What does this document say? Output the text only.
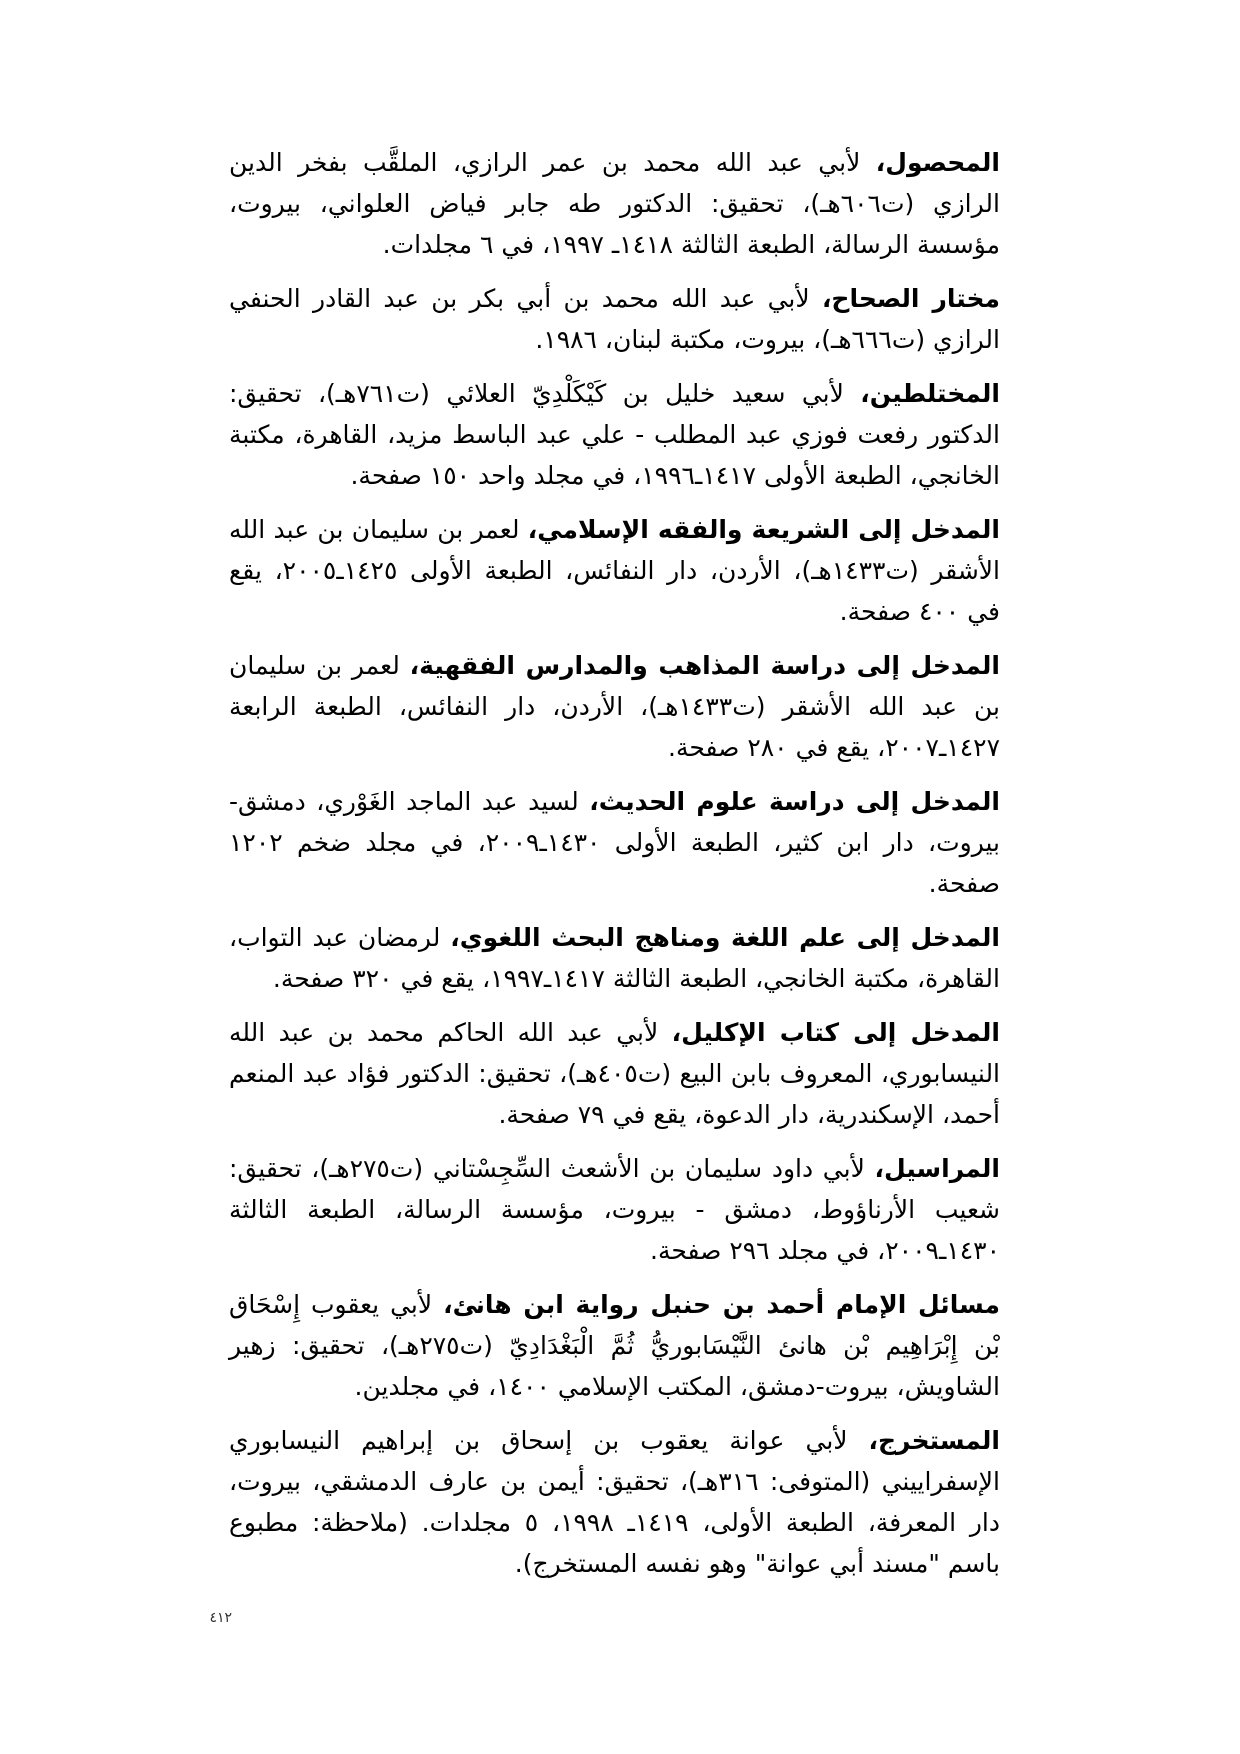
المحصول، لأبي عبد الله محمد بن عمر الرازي، الملقَّب بفخر الدين الرازي (ت٦٠٦هـ)، تحقيق: الدكتور طه جابر فياض العلواني، بيروت، مؤسسة الرسالة، الطبعة الثالثة ١٤١٨ـ ١٩٩٧، في ٦ مجلدات.

مختار الصحاح، لأبي عبد الله محمد بن أبي بكر بن عبد القادر الحنفي الرازي (ت٦٦٦هـ)، بيروت، مكتبة لبنان، ١٩٨٦.

المختلطين، لأبي سعيد خليل بن كَيْكَلْدِيّ العلائي (ت٧٦١هـ)، تحقيق: الدكتور رفعت فوزي عبد المطلب - علي عبد الباسط مزيد، القاهرة، مكتبة الخانجي، الطبعة الأولى ١٤١٧ـ١٩٩٦، في مجلد واحد ١٥٠ صفحة.

المدخل إلى الشريعة والفقه الإسلامي، لعمر بن سليمان بن عبد الله الأشقر (ت١٤٣٣هـ)، الأردن، دار النفائس، الطبعة الأولى ١٤٢٥ـ٢٠٠٥، يقع في ٤٠٠ صفحة.

المدخل إلى دراسة المذاهب والمدارس الفقهية، لعمر بن سليمان بن عبد الله الأشقر (ت١٤٣٣هـ)، الأردن، دار النفائس، الطبعة الرابعة ١٤٢٧ـ٢٠٠٧، يقع في ٢٨٠ صفحة.

المدخل إلى دراسة علوم الحديث، لسيد عبد الماجد الغَوْري، دمشق-بيروت، دار ابن كثير، الطبعة الأولى ١٤٣٠ـ٢٠٠٩، في مجلد ضخم ١٢٠٢ صفحة.

المدخل إلى علم اللغة ومناهج البحث اللغوي، لرمضان عبد التواب، القاهرة، مكتبة الخانجي، الطبعة الثالثة ١٤١٧ـ١٩٩٧، يقع في ٣٢٠ صفحة.

المدخل إلى كتاب الإكليل، لأبي عبد الله الحاكم محمد بن عبد الله النيسابوري، المعروف بابن البيع (ت٤٠٥هـ)، تحقيق: الدكتور فؤاد عبد المنعم أحمد، الإسكندرية، دار الدعوة، يقع في ٧٩ صفحة.

المراسيل، لأبي داود سليمان بن الأشعث السِّجِسْتاني (ت٢٧٥هـ)، تحقيق: شعيب الأرناؤوط، دمشق - بيروت، مؤسسة الرسالة، الطبعة الثالثة ١٤٣٠ـ٢٠٠٩، في مجلد ٢٩٦ صفحة.

مسائل الإمام أحمد بن حنبل رواية ابن هانئ، لأبي يعقوب إِسْحَاق بْن إِبْرَاهِيم بْن هانئ النَّيْسَابوريُّ ثُمَّ الْبَغْدَادِيّ (ت٢٧٥هـ)، تحقيق: زهير الشاويش، بيروت-دمشق، المكتب الإسلامي ١٤٠٠، في مجلدين.

المستخرج، لأبي عوانة يعقوب بن إسحاق بن إبراهيم النيسابوري الإسفراييني (المتوفى: ٣١٦هـ)، تحقيق: أيمن بن عارف الدمشقي، بيروت، دار المعرفة، الطبعة الأولى، ١٤١٩ـ ١٩٩٨، ٥ مجلدات. (ملاحظة: مطبوع باسم "مسند أبي عوانة" وهو نفسه المستخرج).

٤١٢
